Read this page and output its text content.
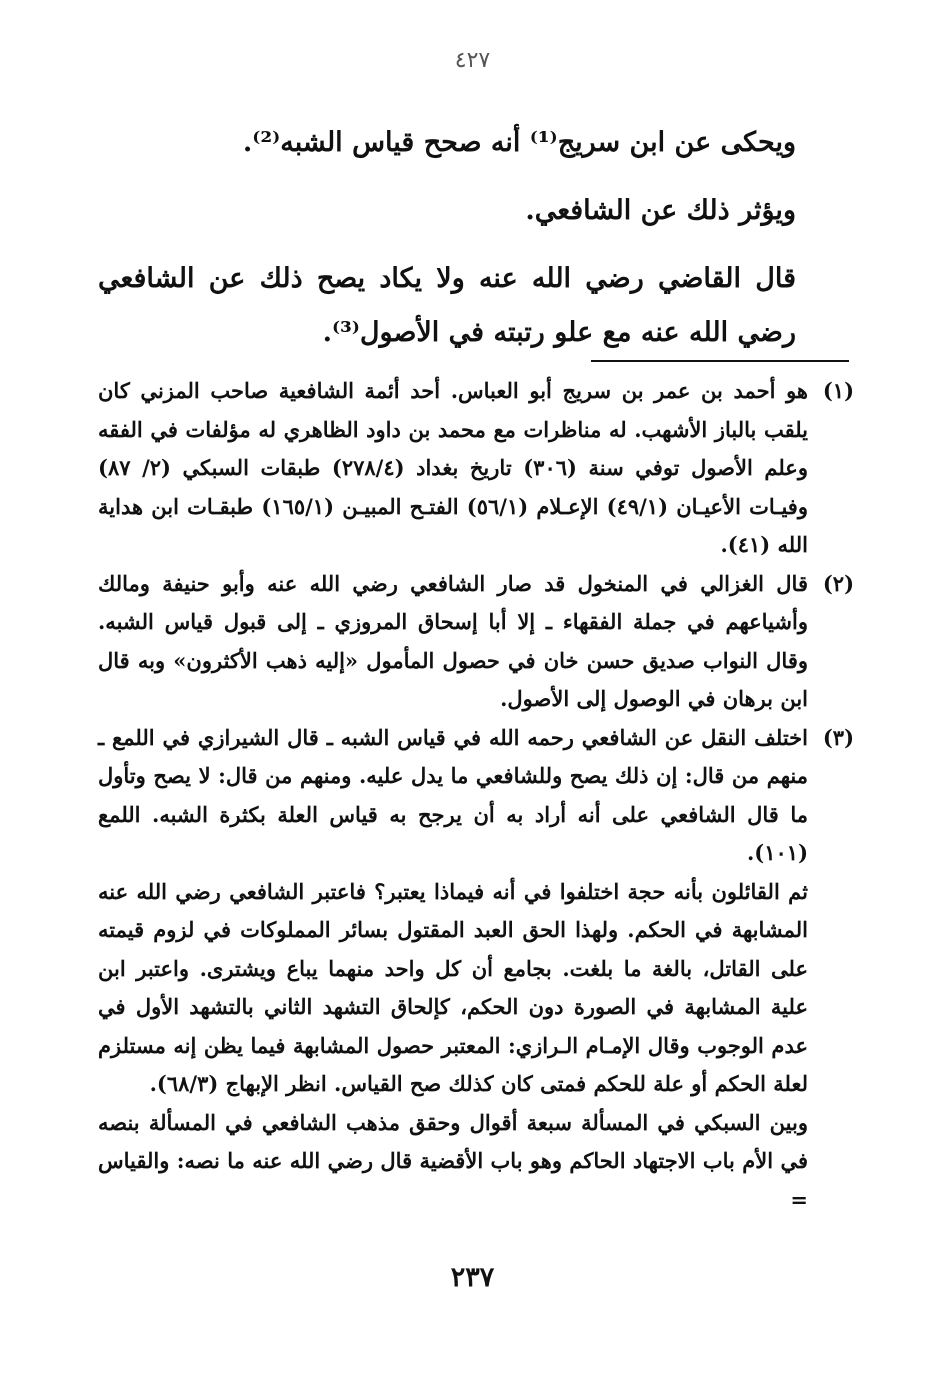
٤٢٧

ويحكى عن ابن سريج⁽¹⁾ أنه صحح قياس الشبه⁽²⁾.

ويؤثر ذلك عن الشافعي.

قال القاضي رضي الله عنه ولا يكاد يصح ذلك عن الشافعي رضي الله عنه مع علو رتبته في الأصول⁽³⁾.

(١)

هو أحمد بن عمر بن سريج أبو العباس. أحد أئمة الشافعية صاحب المزني كان يلقب بالباز الأشهب. له مناظرات مع محمد بن داود الظاهري له مؤلفات في الفقه وعلم الأصول توفي سنة (٣٠٦) تاريخ بغداد (٢٧٨/٤) طبقات السبكي (٢/ ٨٧) وفيـات الأعيـان (٤٩/١) الإعـلام (٥٦/١) الفتـح المبيـن (١٦٥/١) طبقـات ابن هداية الله (٤١).

(٢)

قال الغزالي في المنخول قد صار الشافعي رضي الله عنه وأبو حنيفة ومالك وأشياعهم في جملة الفقهاء ـ إلا أبا إسحاق المروزي ـ إلى قبول قياس الشبه. وقال النواب صديق حسن خان في حصول المأمول «إليه ذهب الأكثرون» وبه قال ابن برهان في الوصول إلى الأصول.

(٣)

اختلف النقل عن الشافعي رحمه الله في قياس الشبه ـ قال الشيرازي في اللمع ـ منهم من قال: إن ذلك يصح وللشافعي ما يدل عليه. ومنهم من قال: لا يصح وتأول ما قال الشافعي على أنه أراد به أن يرجح به قياس العلة بكثرة الشبه. اللمع (١٠١).

ثم القائلون بأنه حجة اختلفوا في أنه فيماذا يعتبر؟ فاعتبر الشافعي رضي الله عنه المشابهة في الحكم. ولهذا الحق العبد المقتول بسائر المملوكات في لزوم قيمته على القاتل، بالغة ما بلغت. بجامع أن كل واحد منهما يباع ويشترى. واعتبر ابن علية المشابهة في الصورة دون الحكم، كإلحاق التشهد الثاني بالتشهد الأول في عدم الوجوب وقال الإمـام الـرازي: المعتبر حصول المشابهة فيما يظن إنه مستلزم لعلة الحكم أو علة للحكم فمتى كان كذلك صح القياس. انظر الإبهاج (٦٨/٣).

وبين السبكي في المسألة سبعة أقوال وحقق مذهب الشافعي في المسألة بنصه في الأم باب الاجتهاد الحاكم وهو باب الأقضية قال رضي الله عنه ما نصه: والقياس =

٢٣٧
